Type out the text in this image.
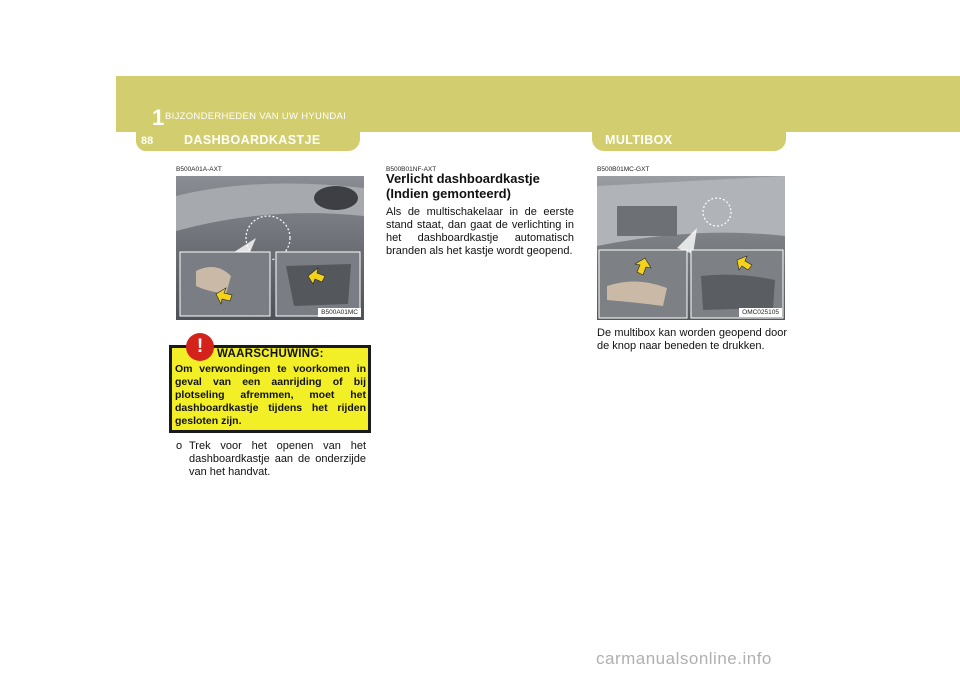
1 BIJZONDERHEDEN VAN UW HYUNDAI
88 DASHBOARDKASTJE	MULTIBOX
B500A01A-AXT
B500A01MC
!	WAARSCHUWING:

Om verwondingen te voorkomen in geval van een aanrijding of bij plotseling afremmen, moet het dashboardkastje tijdens het rijden gesloten zijn.

o Trek voor het openen van het dashboardkastje aan de onderzijde van het handvat.
B500B01NF-AXT
Verlicht dashboardkastje (Indien gemonteerd)

Als de multischakelaar in de eerste stand staat, dan gaat de verlichting in het dashboardkastje automatisch branden als het kastje wordt geopend.

B500B01MC-GXT
OMC025105

De multibox kan worden geopend door de knop naar beneden te drukken.

carmanualsonline.info
